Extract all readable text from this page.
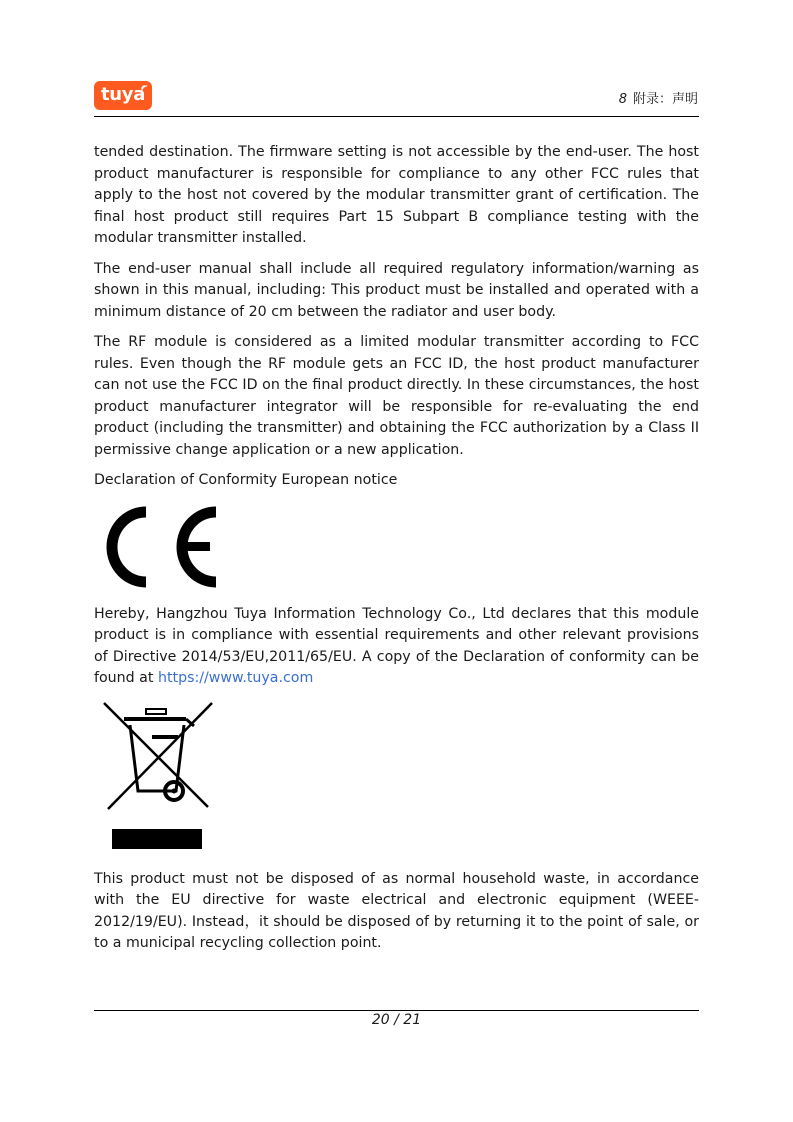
tuya	8 附录：声明

tended destination. The firmware setting is not accessible by the end-user. The host product manufacturer is responsible for compliance to any other FCC rules that apply to the host not covered by the modular transmitter grant of certification. The final host product still requires Part 15 Subpart B compliance testing with the modular transmitter installed.

The end-user manual shall include all required regulatory information/warning as shown in this manual, including: This product must be installed and operated with a minimum distance of 20 cm between the radiator and user body.

The RF module is considered as a limited modular transmitter according to FCC rules. Even though the RF module gets an FCC ID, the host product manufacturer can not use the FCC ID on the final product directly. In these circumstances, the host product manufacturer integrator will be responsible for re-evaluating the end product (including the transmitter) and obtaining the FCC authorization by a Class II permissive change application or a new application.

Declaration of Conformity European notice

Hereby, Hangzhou Tuya Information Technology Co., Ltd declares that this module product is in compliance with essential requirements and other relevant provisions of Directive 2014/53/EU,2011/65/EU. A copy of the Declaration of conformity can be found at https://www.tuya.com

This product must not be disposed of as normal household waste, in accordance with the EU directive for waste electrical and electronic equipment (WEEE- 2012/19/EU). Instead，it should be disposed of by returning it to the point of sale, or to a municipal recycling collection point.

20 / 21
